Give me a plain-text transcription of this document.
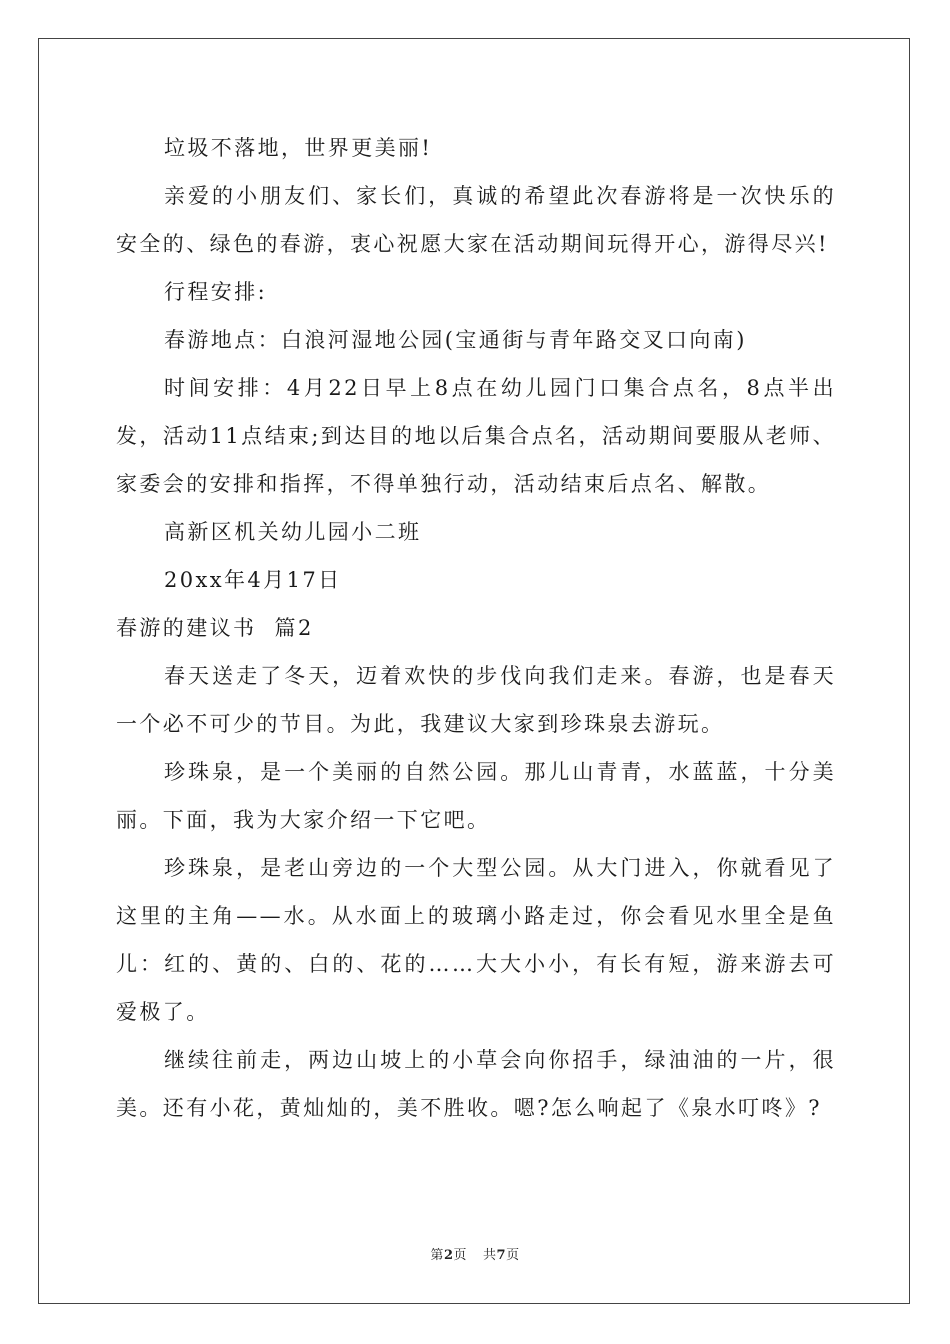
垃圾不落地，世界更美丽!

亲爱的小朋友们、家长们，真诚的希望此次春游将是一次快乐的安全的、绿色的春游，衷心祝愿大家在活动期间玩得开心，游得尽兴!

行程安排:

春游地点：白浪河湿地公园(宝通街与青年路交叉口向南)

时间安排：4月22日早上8点在幼儿园门口集合点名，8点半出发，活动11点结束;到达目的地以后集合点名，活动期间要服从老师、家委会的安排和指挥，不得单独行动，活动结束后点名、解散。

高新区机关幼儿园小二班

20xx年4月17日

春游的建议书  篇2

春天送走了冬天，迈着欢快的步伐向我们走来。春游，也是春天一个必不可少的节目。为此，我建议大家到珍珠泉去游玩。

珍珠泉，是一个美丽的自然公园。那儿山青青，水蓝蓝，十分美丽。下面，我为大家介绍一下它吧。

珍珠泉，是老山旁边的一个大型公园。从大门进入，你就看见了这里的主角——水。从水面上的玻璃小路走过，你会看见水里全是鱼儿：红的、黄的、白的、花的……大大小小，有长有短，游来游去可爱极了。

继续往前走，两边山坡上的小草会向你招手，绿油油的一片，很美。还有小花，黄灿灿的，美不胜收。嗯?怎么响起了《泉水叮咚》?

第2页 共7页
